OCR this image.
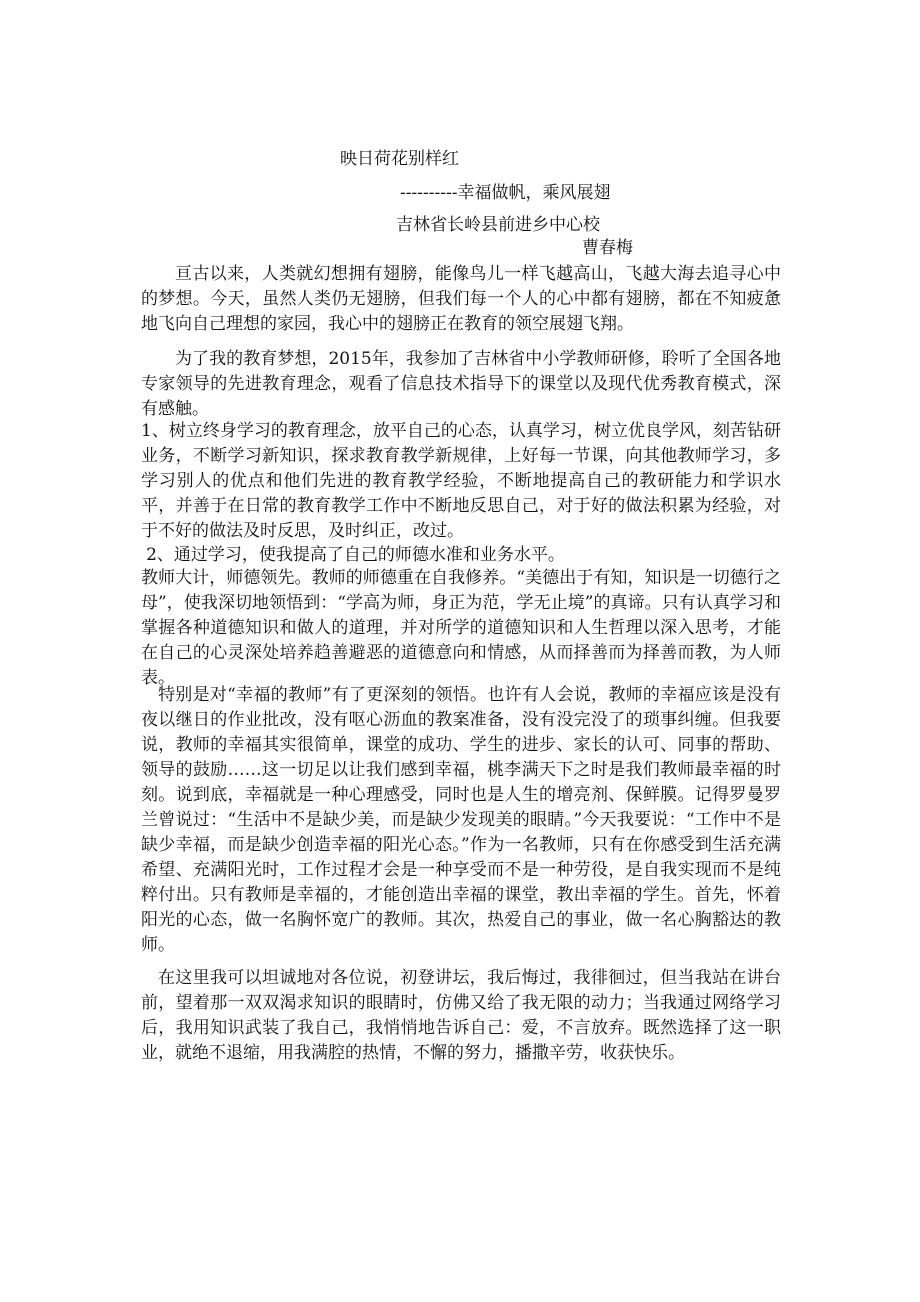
映日荷花别样红
----------幸福做帆，乘风展翅
吉林省长岭县前进乡中心校
曹春梅

亘古以来，人类就幻想拥有翅膀，能像鸟儿一样飞越高山，飞越大海去追寻心中的梦想。今天，虽然人类仍无翅膀，但我们每一个人的心中都有翅膀，都在不知疲惫地飞向自己理想的家园，我心中的翅膀正在教育的领空展翅飞翔。

为了我的教育梦想，2015年，我参加了吉林省中小学教师研修，聆听了全国各地专家领导的先进教育理念，观看了信息技术指导下的课堂以及现代优秀教育模式，深有感触。

1、树立终身学习的教育理念，放平自己的心态，认真学习，树立优良学风，刻苦钻研业务，不断学习新知识，探求教育教学新规律，上好每一节课，向其他教师学习，多学习别人的优点和他们先进的教育教学经验，不断地提高自己的教研能力和学识水平，并善于在日常的教育教学工作中不断地反思自己，对于好的做法积累为经验，对于不好的做法及时反思，及时纠正，改过。

2、通过学习，使我提高了自己的师德水准和业务水平。

教师大计，师德领先。教师的师德重在自我修养。“美德出于有知，知识是一切德行之母”，使我深切地领悟到：“学高为师，身正为范，学无止境”的真谛。只有认真学习和掌握各种道德知识和做人的道理，并对所学的道德知识和人生哲理以深入思考，才能在自己的心灵深处培养趋善避恶的道德意向和情感，从而择善而为择善而教，为人师表。

特别是对“幸福的教师”有了更深刻的领悟。也许有人会说，教师的幸福应该是没有夜以继日的作业批改，没有呕心沥血的教案准备，没有没完没了的琐事纠缠。但我要说，教师的幸福其实很简单，课堂的成功、学生的进步、家长的认可、同事的帮助、领导的鼓励……这一切足以让我们感到幸福，桃李满天下之时是我们教师最幸福的时刻。说到底，幸福就是一种心理感受，同时也是人生的增亮剂、保鲜膜。记得罗曼罗兰曾说过：“生活中不是缺少美，而是缺少发现美的眼睛。”今天我要说：“工作中不是缺少幸福，而是缺少创造幸福的阳光心态。”作为一名教师，只有在你感受到生活充满希望、充满阳光时，工作过程才会是一种享受而不是一种劳役，是自我实现而不是纯粹付出。只有教师是幸福的，才能创造出幸福的课堂，教出幸福的学生。首先，怀着阳光的心态，做一名胸怀宽广的教师。其次，热爱自己的事业，做一名心胸豁达的教师。

在这里我可以坦诚地对各位说，初登讲坛，我后悔过，我徘徊过，但当我站在讲台前，望着那一双双渴求知识的眼睛时，仿佛又给了我无限的动力；当我通过网络学习后，我用知识武装了我自己，我悄悄地告诉自己：爱，不言放弃。既然选择了这一职业，就绝不退缩，用我满腔的热情，不懈的努力，播撒辛劳，收获快乐。
